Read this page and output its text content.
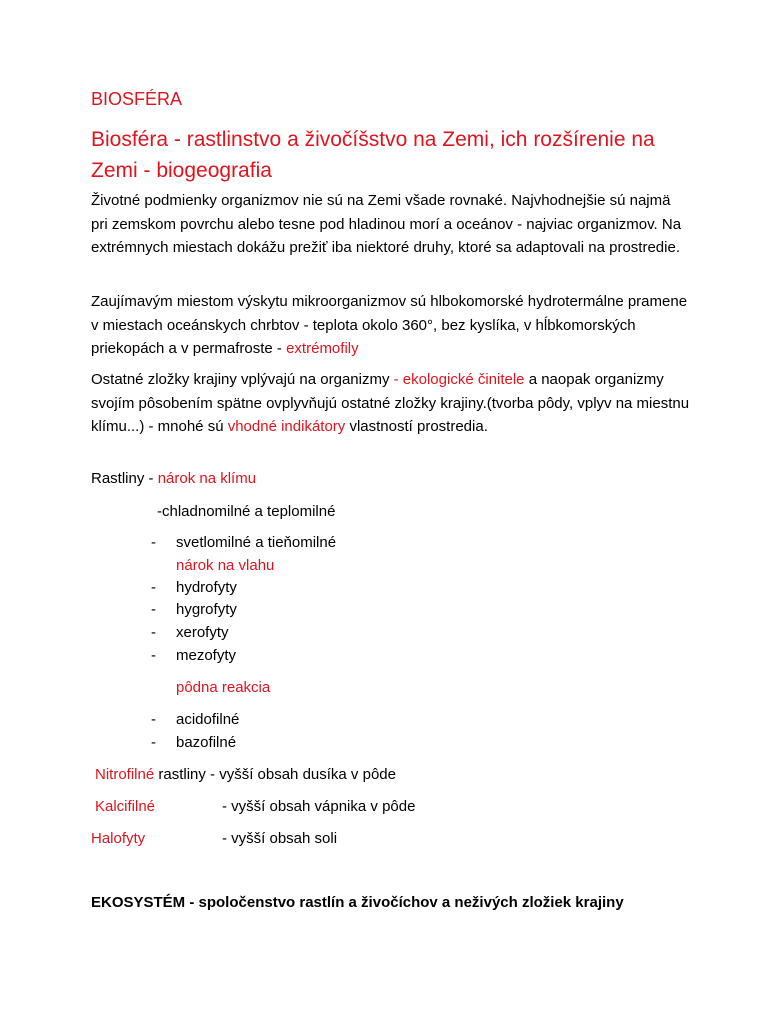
BIOSFÉRA
Biosféra - rastlinstvo a živočíšstvo na Zemi, ich rozšírenie na Zemi - biogeografia

Životné podmienky organizmov nie sú na Zemi všade rovnaké. Najvhodnejšie sú najmä pri zemskom povrchu alebo tesne pod hladinou morí a oceánov - najviac organizmov. Na extrémnych miestach dokážu prežiť iba niektoré druhy, ktoré sa adaptovali na prostredie.

Zaujímavým miestom výskytu mikroorganizmov sú hlbokomorské hydrotermálne pramene v miestach oceánskych chrbtov - teplota okolo 360°, bez kyslíka, v hĺbkomorských priekopách a v permafroste - extrémofily

Ostatné zložky krajiny vplývajú na organizmy - ekologické činitele a naopak organizmy svojím pôsobením spätne ovplyvňujú ostatné zložky krajiny.(tvorba pôdy, vplyv na miestnu klímu...) - mnohé sú vhodné indikátory vlastností prostredia.

Rastliny - nárok na klímu

-chladnomilné a teplomilné

- svetlomilné a tieňomilné

nárok na vlahu

- hydrofyty
- hygrofyty
- xerofyty
- mezofyty

pôdna reakcia

- acidofilné
- bazofilné

Nitrofilné rastliny - vyšší obsah dusíka v pôde

Kalcifilné	- vyšší obsah vápnika v pôde
Halofyty	- vyšší obsah soli

EKOSYSTÉM - spoločenstvo rastlín a živočíchov a neživých zložiek krajiny
